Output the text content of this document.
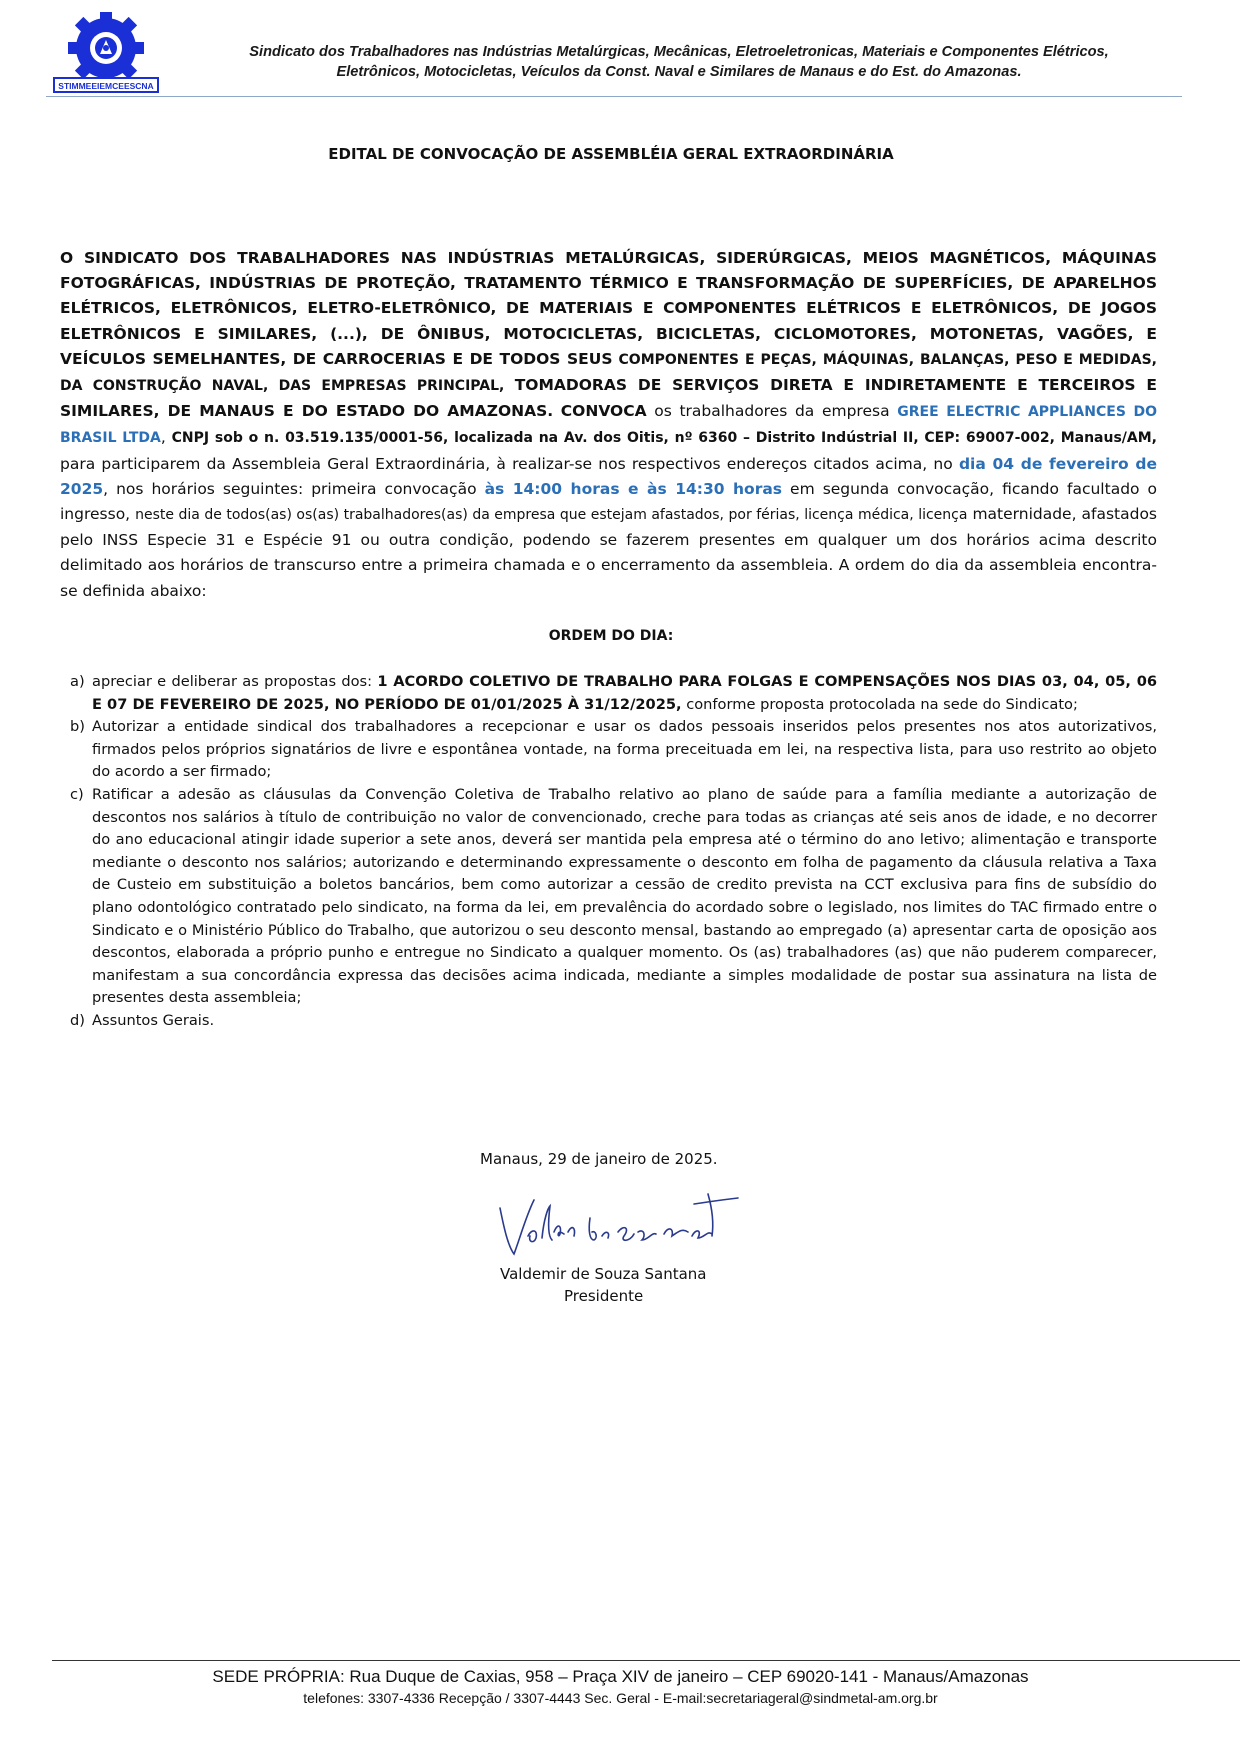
STIMMEEIEMCEESCNA
Sindicato dos Trabalhadores nas Indústrias Metalúrgicas, Mecânicas, Eletroeletronicas, Materiais e Componentes Elétricos,
Eletrônicos, Motocicletas, Veículos da Const. Naval e Similares de Manaus e do Est. do Amazonas.
EDITAL DE CONVOCAÇÃO DE ASSEMBLÉIA GERAL EXTRAORDINÁRIA
O SINDICATO DOS TRABALHADORES NAS INDÚSTRIAS METALÚRGICAS, SIDERÚRGICAS, MEIOS MAGNÉTICOS, MÁQUINAS FOTOGRÁFICAS, INDÚSTRIAS DE PROTEÇÃO, TRATAMENTO TÉRMICO E TRANSFORMAÇÃO DE SUPERFÍCIES, DE APARELHOS ELÉTRICOS, ELETRÔNICOS, ELETRO-ELETRÔNICO, DE MATERIAIS E COMPONENTES ELÉTRICOS E ELETRÔNICOS, DE JOGOS ELETRÔNICOS E SIMILARES, (...), DE ÔNIBUS, MOTOCICLETAS, BICICLETAS, CICLOMOTORES, MOTONETAS, VAGÕES, E VEÍCULOS SEMELHANTES, DE CARROCERIAS E DE TODOS SEUS COMPONENTES E PEÇAS, MÁQUINAS, BALANÇAS, PESO E MEDIDAS, DA CONSTRUÇÃO NAVAL, DAS EMPRESAS PRINCIPAL, TOMADORAS DE SERVIÇOS DIRETA E INDIRETAMENTE E TERCEIROS E SIMILARES, DE MANAUS E DO ESTADO DO AMAZONAS. CONVOCA os trabalhadores da empresa GREE ELECTRIC APPLIANCES DO BRASIL LTDA, CNPJ sob o n. 03.519.135/0001-56, localizada na Av. dos Oitis, nº 6360 – Distrito Indústrial II, CEP: 69007-002, Manaus/AM, para participarem da Assembleia Geral Extraordinária, à realizar-se nos respectivos endereços citados acima, no dia 04 de fevereiro de 2025, nos horários seguintes: primeira convocação às 14:00 horas e às 14:30 horas em segunda convocação, ficando facultado o ingresso, neste dia de todos(as) os(as) trabalhadores(as) da empresa que estejam afastados, por férias, licença médica, licença maternidade, afastados pelo INSS Especie 31 e Espécie 91 ou outra condição, podendo se fazerem presentes em qualquer um dos horários acima descrito delimitado aos horários de transcurso entre a primeira chamada e o encerramento da assembleia. A ordem do dia da assembleia encontra-se definida abaixo:
ORDEM DO DIA:
a) apreciar e deliberar as propostas dos: 1 ACORDO COLETIVO DE TRABALHO PARA FOLGAS E COMPENSAÇÕES NOS DIAS 03, 04, 05, 06 E 07 DE FEVEREIRO DE 2025, NO PERÍODO DE 01/01/2025 À 31/12/2025, conforme proposta protocolada na sede do Sindicato;
b) Autorizar a entidade sindical dos trabalhadores a recepcionar e usar os dados pessoais inseridos pelos presentes nos atos autorizativos, firmados pelos próprios signatários de livre e espontânea vontade, na forma preceituada em lei, na respectiva lista, para uso restrito ao objeto do acordo a ser firmado;
c) Ratificar a adesão as cláusulas da Convenção Coletiva de Trabalho relativo ao plano de saúde para a família mediante a autorização de descontos nos salários à título de contribuição no valor de convencionado, creche para todas as crianças até seis anos de idade, e no decorrer do ano educacional atingir idade superior a sete anos, deverá ser mantida pela empresa até o término do ano letivo; alimentação e transporte mediante o desconto nos salários; autorizando e determinando expressamente o desconto em folha de pagamento da cláusula relativa a Taxa de Custeio em substituição a boletos bancários, bem como autorizar a cessão de credito prevista na CCT exclusiva para fins de subsídio do plano odontológico contratado pelo sindicato, na forma da lei, em prevalência do acordado sobre o legislado, nos limites do TAC firmado entre o Sindicato e o Ministério Público do Trabalho, que autorizou o seu desconto mensal, bastando ao empregado (a) apresentar carta de oposição aos descontos, elaborada a próprio punho e entregue no Sindicato a qualquer momento. Os (as) trabalhadores (as) que não puderem comparecer, manifestam a sua concordância expressa das decisões acima indicada, mediante a simples modalidade de postar sua assinatura na lista de presentes desta assembleia;
d) Assuntos Gerais.
Manaus, 29 de janeiro de 2025.
Valdemir de Souza Santana
Presidente
SEDE PRÓPRIA: Rua Duque de Caxias, 958 – Praça XIV de janeiro – CEP 69020-141 - Manaus/Amazonas
telefones: 3307-4336 Recepção / 3307-4443 Sec. Geral - E-mail:secretariageral@sindmetal-am.org.br
